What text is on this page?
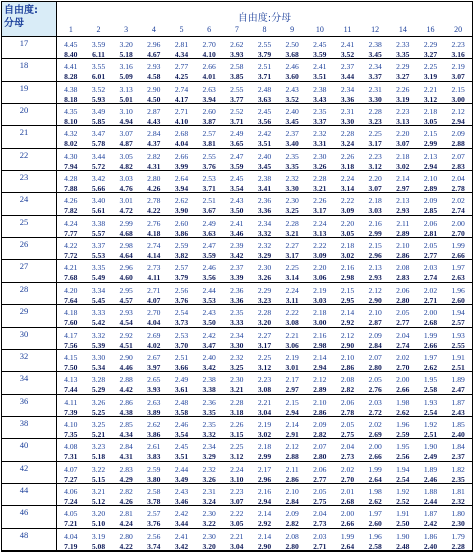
自由度:
分母	自由度:分母
1	2	3	4	5	6	7	8	9	10	11	12	14	16	20
17	4.45	3.59	3.20	2.96	2.81	2.70	2.62	2.55	2.50	2.45	2.41	2.38	2.33	2.29	2.23
8.40	6.11	5.18	4.67	4.34	4.10	3.93	3.79	3.68	3.59	3.52	3.45	3.35	3.27	3.16
18	4.41	3.55	3.16	2.93	2.77	2.66	2.58	2.51	2.46	2.41	2.37	2.34	2.29	2.25	2.19
8.28	6.01	5.09	4.58	4.25	4.01	3.85	3.71	3.60	3.51	3.44	3.37	3.27	3.19	3.07
19	4.38	3.52	3.13	2.90	2.74	2.63	2.55	2.48	2.43	2.38	2.34	2.31	2.26	2.21	2.15
8.18	5.93	5.01	4.50	4.17	3.94	3.77	3.63	3.52	3.43	3.36	3.30	3.19	3.12	3.00
20	4.35	3.49	3.10	2.87	2.71	2.60	2.52	2.45	2.40	2.35	2.31	2.28	2.23	2.18	2.12
8.10	5.85	4.94	4.43	4.10	3.87	3.71	3.56	3.45	3.37	3.30	3.23	3.13	3.05	2.94
21	4.32	3.47	3.07	2.84	2.68	2.57	2.49	2.42	2.37	2.32	2.28	2.25	2.20	2.15	2.09
8.02	5.78	4.87	4.37	4.04	3.81	3.65	3.51	3.40	3.31	3.24	3.17	3.07	2.99	2.88
22	4.30	3.44	3.05	2.82	2.66	2.55	2.47	2.40	2.35	2.30	2.26	2.23	2.18	2.13	2.07
7.94	5.72	4.82	4.31	3.99	3.76	3.59	3.45	3.35	3.26	3.18	3.12	3.02	2.94	2.83
23	4.28	3.42	3.03	2.80	2.64	2.53	2.45	2.38	2.32	2.28	2.24	2.20	2.14	2.10	2.04
7.88	5.66	4.76	4.26	3.94	3.71	3.54	3.41	3.30	3.21	3.14	3.07	2.97	2.89	2.78
24	4.26	3.40	3.01	2.78	2.62	2.51	2.43	2.36	2.30	2.26	2.22	2.18	2.13	2.09	2.02
7.82	5.61	4.72	4.22	3.90	3.67	3.50	3.36	3.25	3.17	3.09	3.03	2.93	2.85	2.74
25	4.24	3.38	2.99	2.76	2.60	2.49	2.41	2.34	2.28	2.24	2.20	2.16	2.11	2.06	2.00
7.77	5.57	4.68	4.18	3.86	3.63	3.46	3.32	3.21	3.13	3.05	2.99	2.89	2.81	2.70
26	4.22	3.37	2.98	2.74	2.59	2.47	2.39	2.32	2.27	2.22	2.18	2.15	2.10	2.05	1.99
7.72	5.53	4.64	4.14	3.82	3.59	3.42	3.29	3.17	3.09	3.02	2.96	2.86	2.77	2.66
27	4.21	3.35	2.96	2.73	2.57	2.46	2.37	2.30	2.25	2.20	2.16	2.13	2.08	2.03	1.97
7.68	5.49	4.60	4.11	3.79	3.56	3.39	3.26	3.14	3.06	2.98	2.93	2.83	2.74	2.63
28	4.20	3.34	2.95	2.71	2.56	2.44	2.36	2.29	2.24	2.19	2.15	2.12	2.06	2.02	1.96
7.64	5.45	4.57	4.07	3.76	3.53	3.36	3.23	3.11	3.03	2.95	2.90	2.80	2.71	2.60
29	4.18	3.33	2.93	2.70	2.54	2.43	2.35	2.28	2.22	2.18	2.14	2.10	2.05	2.00	1.94
7.60	5.42	4.54	4.04	3.73	3.50	3.33	3.20	3.08	3.00	2.92	2.87	2.77	2.68	2.57
30	4.17	3.32	2.92	2.69	2.53	2.42	2.34	2.27	2.21	2.16	2.12	2.09	2.04	1.99	1.93
7.56	5.39	4.51	4.02	3.70	3.47	3.30	3.17	3.06	2.98	2.90	2.84	2.74	2.66	2.55
32	4.15	3.30	2.90	2.67	2.51	2.40	2.32	2.25	2.19	2.14	2.10	2.07	2.02	1.97	1.91
7.50	5.34	4.46	3.97	3.66	3.42	3.25	3.12	3.01	2.94	2.86	2.80	2.70	2.62	2.51
34	4.13	3.28	2.88	2.65	2.49	2.38	2.30	2.23	2.17	2.12	2.08	2.05	2.00	1.95	1.89
7.44	5.29	4.42	3.93	3.61	3.38	3.21	3.08	2.97	2.89	2.82	2.76	2.66	2.58	2.47
36	4.11	3.26	2.86	2.63	2.48	2.36	2.28	2.21	2.15	2.10	2.06	2.03	1.98	1.93	1.87
7.39	5.25	4.38	3.89	3.58	3.35	3.18	3.04	2.94	2.86	2.78	2.72	2.62	2.54	2.43
38	4.10	3.25	2.85	2.62	2.46	2.35	2.26	2.19	2.14	2.09	2.05	2.02	1.96	1.92	1.85
7.35	5.21	4.34	3.86	3.54	3.32	3.15	3.02	2.91	2.82	2.75	2.69	2.59	2.51	2.40
40	4.08	3.23	2.84	2.61	2.45	2.34	2.25	2.18	2.12	2.07	2.04	2.00	1.95	1.90	1.84
7.31	5.18	4.31	3.83	3.51	3.29	3.12	2.99	2.88	2.80	2.73	2.66	2.56	2.49	2.37
42	4.07	3.22	2.83	2.59	2.44	2.32	2.24	2.17	2.11	2.06	2.02	1.99	1.94	1.89	1.82
7.27	5.15	4.29	3.80	3.49	3.26	3.10	2.96	2.86	2.77	2.70	2.64	2.54	2.46	2.35
44	4.06	3.21	2.82	2.58	2.43	2.31	2.23	2.16	2.10	2.05	2.01	1.98	1.92	1.88	1.81
7.24	5.12	4.26	3.78	3.46	3.24	3.07	2.94	2.84	2.75	2.68	2.62	2.52	2.44	2.32
46	4.05	3.20	2.81	2.57	2.42	2.30	2.22	2.14	2.09	2.04	2.00	1.97	1.91	1.87	1.80
7.21	5.10	4.24	3.76	3.44	3.22	3.05	2.92	2.82	2.73	2.66	2.60	2.50	2.42	2.30
48	4.04	3.19	2.80	2.56	2.41	2.30	2.21	2.14	2.08	2.03	1.99	1.96	1.90	1.86	1.79
7.19	5.08	4.22	3.74	3.42	3.20	3.04	2.90	2.80	2.71	2.64	2.58	2.48	2.40	2.28
